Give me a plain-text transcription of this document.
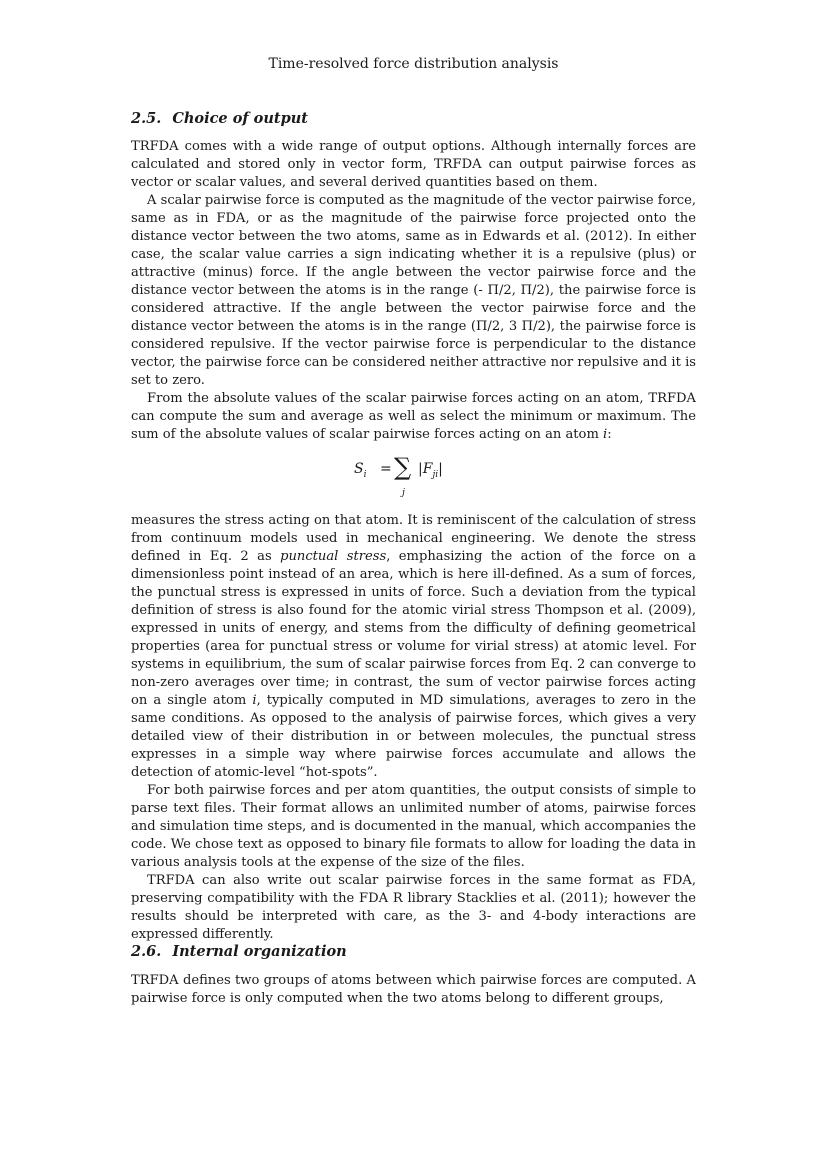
Time-resolved force distribution analysis
2.5. Choice of output

TRFDA comes with a wide range of output options. Although internally forces are calculated and stored only in vector form, TRFDA can output pairwise forces as vector or scalar values, and several derived quantities based on them.

A scalar pairwise force is computed as the magnitude of the vector pairwise force, same as in FDA, or as the magnitude of the pairwise force projected onto the distance vector between the two atoms, same as in Edwards et al. (2012). In either case, the scalar value carries a sign indicating whether it is a repulsive (plus) or attractive (minus) force. If the angle between the vector pairwise force and the distance vector between the atoms is in the range (- Π/2, Π/2), the pairwise force is considered attractive. If the angle between the vector pairwise force and the distance vector between the atoms is in the range (Π/2, 3 Π/2), the pairwise force is considered repulsive. If the vector pairwise force is perpendicular to the distance vector, the pairwise force can be considered neither attractive nor repulsive and it is set to zero.

From the absolute values of the scalar pairwise forces acting on an atom, TRFDA can compute the sum and average as well as select the minimum or maximum. The sum of the absolute values of scalar pairwise forces acting on an atom i:

$S_i$ = ∑
j
$|F_{ji}|$

measures the stress acting on that atom. It is reminiscent of the calculation of stress from continuum models used in mechanical engineering. We denote the stress defined in Eq. 2 as punctual stress, emphasizing the action of the force on a dimensionless point instead of an area, which is here ill-defined. As a sum of forces, the punctual stress is expressed in units of force. Such a deviation from the typical definition of stress is also found for the atomic virial stress Thompson et al. (2009), expressed in units of energy, and stems from the difficulty of defining geometrical properties (area for punctual stress or volume for virial stress) at atomic level. For systems in equilibrium, the sum of scalar pairwise forces from Eq. 2 can converge to non-zero averages over time; in contrast, the sum of vector pairwise forces acting on a single atom i, typically computed in MD simulations, averages to zero in the same conditions. As opposed to the analysis of pairwise forces, which gives a very detailed view of their distribution in or between molecules, the punctual stress expresses in a simple way where pairwise forces accumulate and allows the detection of atomic-level “hot-spots”.

For both pairwise forces and per atom quantities, the output consists of simple to parse text files. Their format allows an unlimited number of atoms, pairwise forces and simulation time steps, and is documented in the manual, which accompanies the code. We chose text as opposed to binary file formats to allow for loading the data in various analysis tools at the expense of the size of the files.

TRFDA can also write out scalar pairwise forces in the same format as FDA, preserving compatibility with the FDA R library Stacklies et al. (2011); however the results should be interpreted with care, as the 3- and 4-body interactions are expressed differently.

2.6. Internal organization

TRFDA defines two groups of atoms between which pairwise forces are computed. A pairwise force is only computed when the two atoms belong to different groups,
